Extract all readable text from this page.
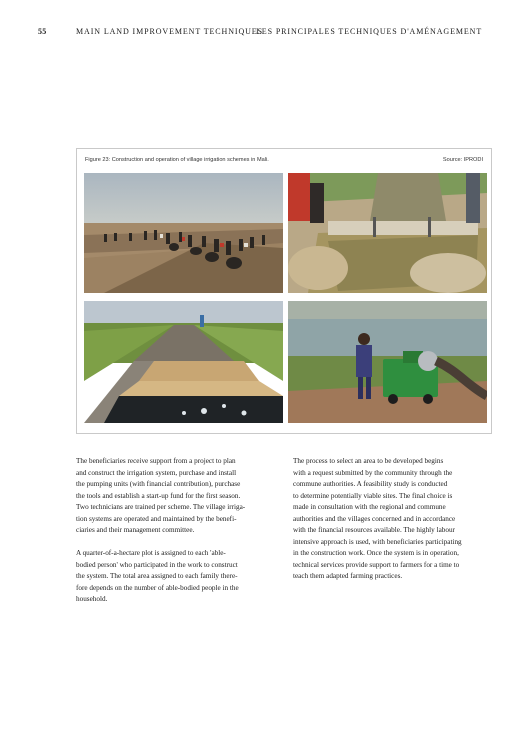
55	MAIN LAND IMPROVEMENT TECHNIQUES
LES PRINCIPALES TECHNIQUES D'AMÉNAGEMENT
Figure 23: Construction and operation of village irrigation schemes in Mali.	Source: IPRODI

The beneficiaries receive support from a project to plan
and construct the irrigation system, purchase and install
the pumping units (with financial contribution), purchase
the tools and establish a start-up fund for the first season.
Two technicians are trained per scheme. The village irriga-
tion systems are operated and maintained by the benefi-
ciaries and their management committee.

A quarter-of-a-hectare plot is assigned to each 'able-
bodied person' who participated in the work to construct
the system. The total area assigned to each family there-
fore depends on the number of able-bodied people in the
household.

The process to select an area to be developed begins
with a request submitted by the community through the
commune authorities. A feasibility study is conducted
to determine potentially viable sites. The final choice is
made in consultation with the regional and commune
authorities and the villages concerned and in accordance
with the financial resources available. The highly labour
intensive approach is used, with beneficiaries participating
in the construction work. Once the system is in operation,
technical services provide support to farmers for a time to
teach them adapted farming practices.
